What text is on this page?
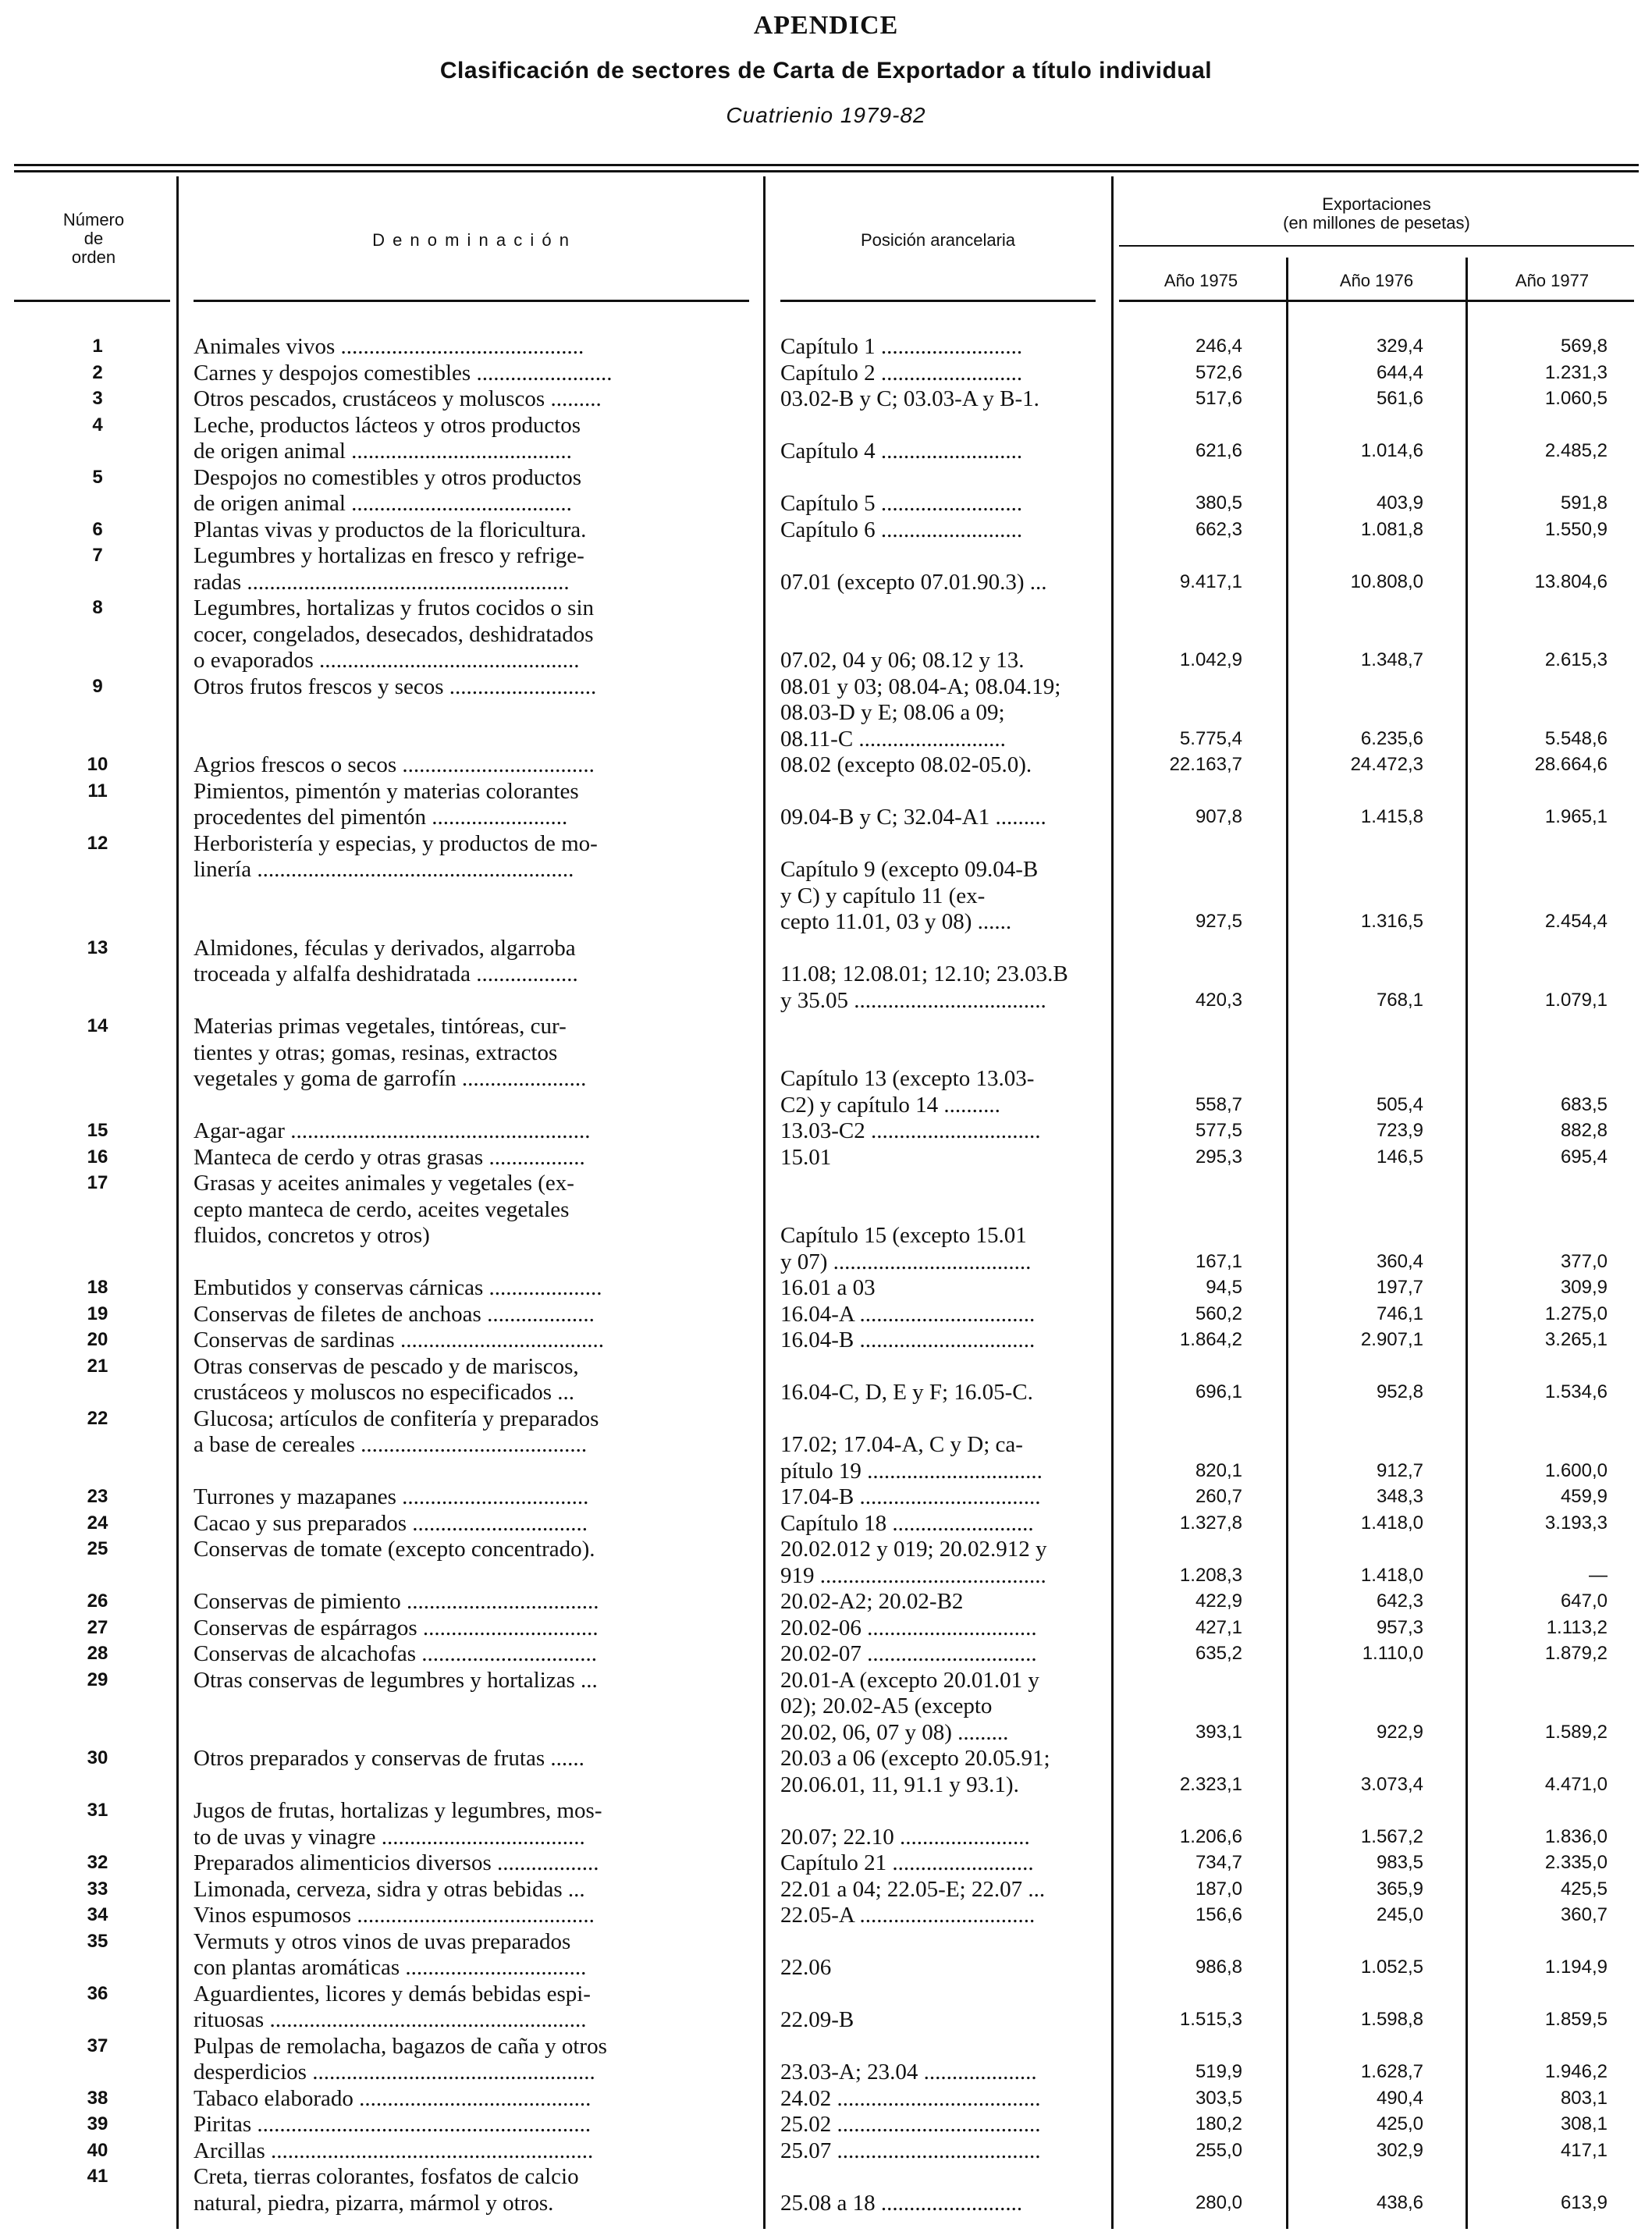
APENDICE
Clasificación de sectores de Carta de Exportador a título individual
Cuatrienio 1979-82
Número
de
orden
D e n o m i n a c i ó n	Posición arancelaria
Exportaciones
(en millones de pesetas)
Año 1975	Año 1976	Año 1977
1	Animales vivos ...........................................	Capítulo 1 .........................	246,4	329,4	569,8
2	Carnes y despojos comestibles ........................	Capítulo 2 .........................	572,6	644,4	1.231,3
3	Otros pescados, crustáceos y moluscos .........	03.02-B y C; 03.03-A y B-1.	517,6	561,6	1.060,5
4	Leche, productos lácteos y otros productos
de origen animal .......................................	Capítulo 4 .........................	621,6	1.014,6	2.485,2
5	Despojos no comestibles y otros productos
de origen animal .......................................	Capítulo 5 .........................	380,5	403,9	591,8
6	Plantas vivas y productos de la floricultura.	Capítulo 6 .........................	662,3	1.081,8	1.550,9
7	Legumbres y hortalizas en fresco y refrige-
radas .........................................................	07.01 (excepto 07.01.90.3) ...	9.417,1	10.808,0	13.804,6
8	Legumbres, hortalizas y frutos cocidos o sin
cocer, congelados, desecados, deshidratados
o evaporados ..............................................	07.02, 04 y 06; 08.12 y 13.	1.042,9	1.348,7	2.615,3
9	Otros frutos frescos y secos ..........................	08.01 y 03; 08.04-A; 08.04.19;
08.03-D y E; 08.06 a 09;
08.11-C ..........................	5.775,4	6.235,6	5.548,6
10	Agrios frescos o secos ..................................	08.02 (excepto 08.02-05.0).	22.163,7	24.472,3	28.664,6
11	Pimientos, pimentón y materias colorantes
procedentes del pimentón ........................	09.04-B y C; 32.04-A1 .........	907,8	1.415,8	1.965,1
12	Herboristería y especias, y productos de mo-
linería ........................................................	Capítulo 9 (excepto 09.04-B
y C) y capítulo 11 (ex-
cepto 11.01, 03 y 08) ......	927,5	1.316,5	2.454,4
13	Almidones, féculas y derivados, algarroba
troceada y alfalfa deshidratada ..................	11.08; 12.08.01; 12.10; 23.03.B
y 35.05 ..................................	420,3	768,1	1.079,1
14	Materias primas vegetales, tintóreas, cur-
tientes y otras; gomas, resinas, extractos
vegetales y goma de garrofín ......................	Capítulo 13 (excepto 13.03-
C2) y capítulo 14 ..........	558,7	505,4	683,5
15	Agar-agar .....................................................	13.03-C2 ..............................	577,5	723,9	882,8
16	Manteca de cerdo y otras grasas .................	15.01	295,3	146,5	695,4
17	Grasas y aceites animales y vegetales (ex-
cepto manteca de cerdo, aceites vegetales
fluidos, concretos y otros)	Capítulo 15 (excepto 15.01
y 07) ...................................	167,1	360,4	377,0
18	Embutidos y conservas cárnicas ....................	16.01 a 03	94,5	197,7	309,9
19	Conservas de filetes de anchoas ...................	16.04-A ...............................	560,2	746,1	1.275,0
20	Conservas de sardinas ....................................	16.04-B ...............................	1.864,2	2.907,1	3.265,1
21	Otras conservas de pescado y de mariscos,
crustáceos y moluscos no especificados ...	16.04-C, D, E y F; 16.05-C.	696,1	952,8	1.534,6
22	Glucosa; artículos de confitería y preparados
a base de cereales ........................................	17.02; 17.04-A, C y D; ca-
pítulo 19 ...............................	820,1	912,7	1.600,0
23	Turrones y mazapanes .................................	17.04-B ................................	260,7	348,3	459,9
24	Cacao y sus preparados ...............................	Capítulo 18 .........................	1.327,8	1.418,0	3.193,3
25	Conservas de tomate (excepto concentrado).	20.02.012 y 019; 20.02.912 y
919 ........................................	1.208,3	1.418,0	—
26	Conservas de pimiento ..................................	20.02-A2; 20.02-B2	422,9	642,3	647,0
27	Conservas de espárragos ...............................	20.02-06 ..............................	427,1	957,3	1.113,2
28	Conservas de alcachofas ...............................	20.02-07 ..............................	635,2	1.110,0	1.879,2
29	Otras conservas de legumbres y hortalizas ...	20.01-A (excepto 20.01.01 y
02); 20.02-A5 (excepto
20.02, 06, 07 y 08) .........	393,1	922,9	1.589,2
30	Otros preparados y conservas de frutas ......	20.03 a 06 (excepto 20.05.91;
20.06.01, 11, 91.1 y 93.1).	2.323,1	3.073,4	4.471,0
31	Jugos de frutas, hortalizas y legumbres, mos-
to de uvas y vinagre ....................................	20.07; 22.10 .......................	1.206,6	1.567,2	1.836,0
32	Preparados alimenticios diversos ..................	Capítulo 21 .........................	734,7	983,5	2.335,0
33	Limonada, cerveza, sidra y otras bebidas ...	22.01 a 04; 22.05-E; 22.07 ...	187,0	365,9	425,5
34	Vinos espumosos ..........................................	22.05-A ...............................	156,6	245,0	360,7
35	Vermuts y otros vinos de uvas preparados
con plantas aromáticas ................................	22.06	986,8	1.052,5	1.194,9
36	Aguardientes, licores y demás bebidas espi-
rituosas ........................................................	22.09-B	1.515,3	1.598,8	1.859,5
37	Pulpas de remolacha, bagazos de caña y otros
desperdicios ..................................................	23.03-A; 23.04 ....................	519,9	1.628,7	1.946,2
38	Tabaco elaborado .........................................	24.02 ....................................	303,5	490,4	803,1
39	Piritas ...........................................................	25.02 ....................................	180,2	425,0	308,1
40	Arcillas .........................................................	25.07 ....................................	255,0	302,9	417,1
41	Creta, tierras colorantes, fosfatos de calcio
natural, piedra, pizarra, mármol y otros.	25.08 a 18 .........................	280,0	438,6	613,9
